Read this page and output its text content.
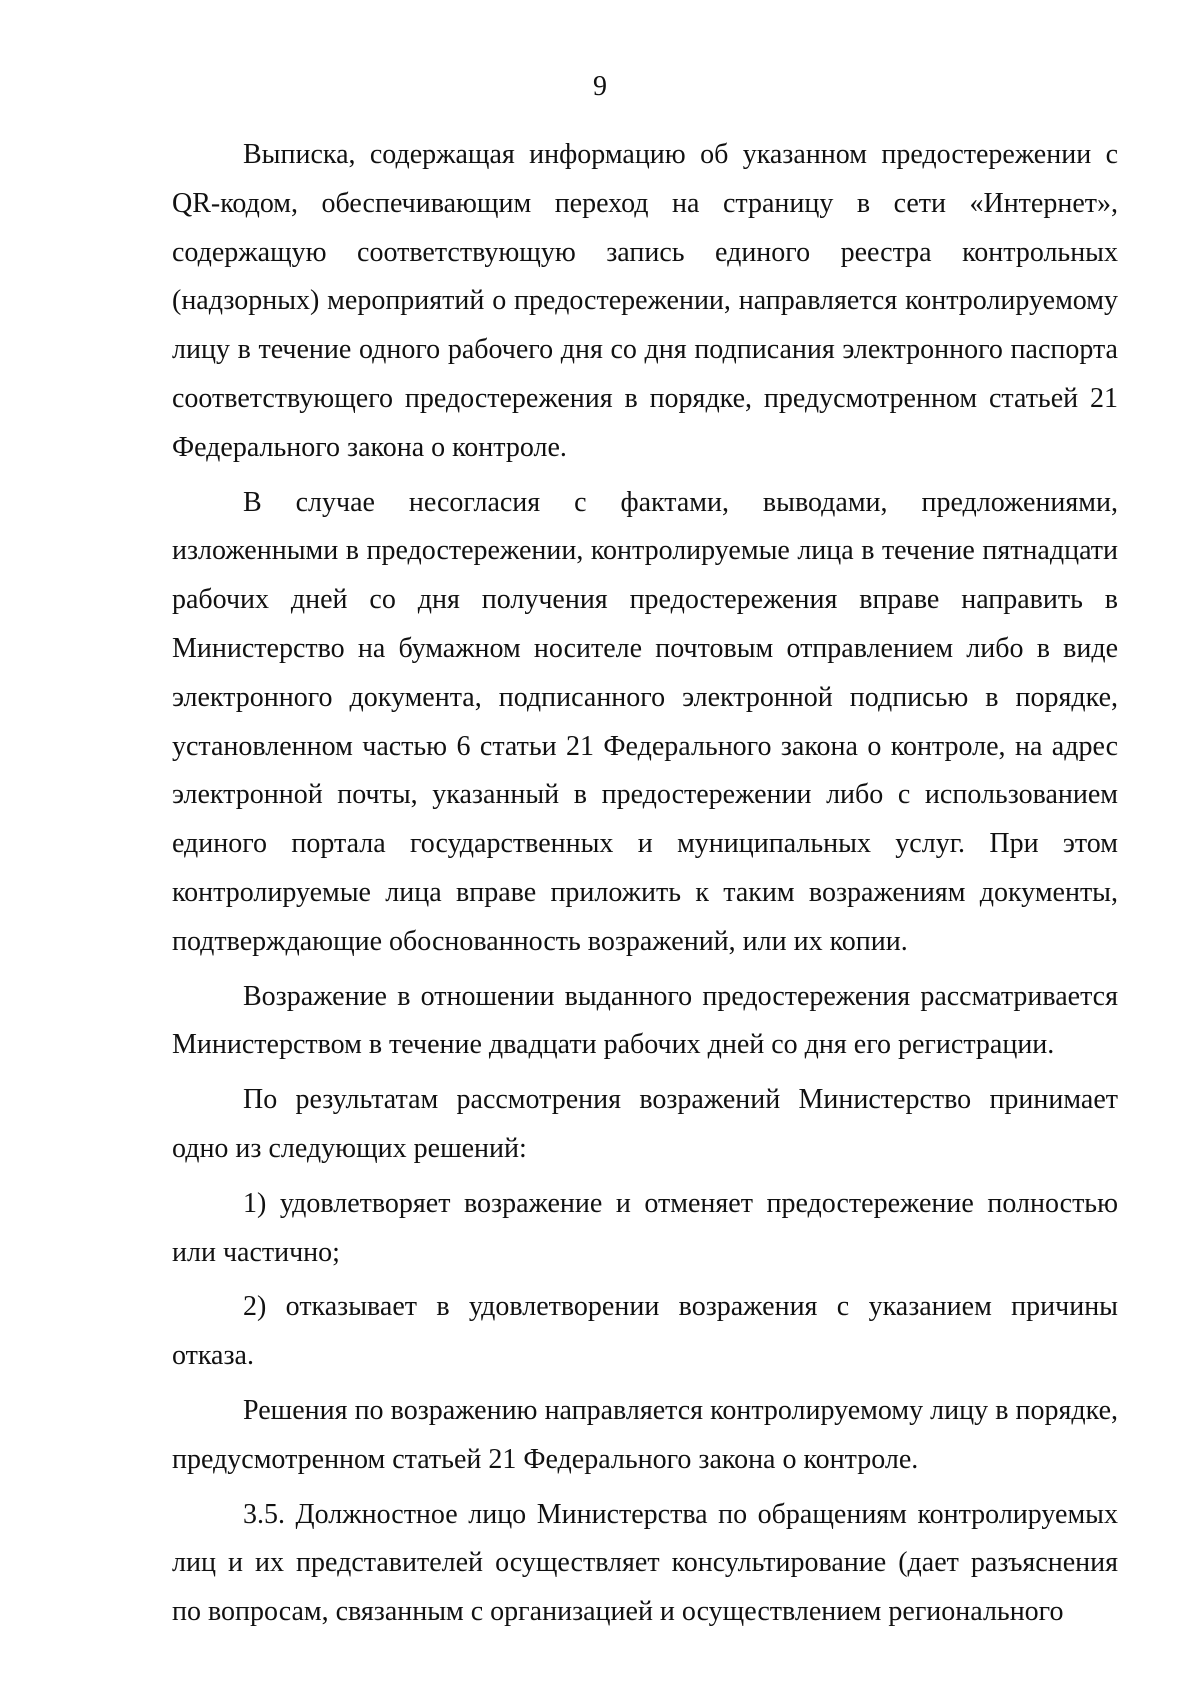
9

Выписка, содержащая информацию об указанном предостережении с QR-кодом, обеспечивающим переход на страницу в сети «Интернет», содержащую соответствующую запись единого реестра контрольных (надзорных) мероприятий о предостережении, направляется контролируемому лицу в течение одного рабочего дня со дня подписания электронного паспорта соответствующего предостережения в порядке, предусмотренном статьей 21 Федерального закона о контроле.

В случае несогласия с фактами, выводами, предложениями, изложенными в предостережении, контролируемые лица в течение пятнадцати рабочих дней со дня получения предостережения вправе направить в Министерство на бумажном носителе почтовым отправлением либо в виде электронного документа, подписанного электронной подписью в порядке, установленном частью 6 статьи 21 Федерального закона о контроле, на адрес электронной почты, указанный в предостережении либо с использованием единого портала государственных и муниципальных услуг. При этом контролируемые лица вправе приложить к таким возражениям документы, подтверждающие обоснованность возражений, или их копии.

Возражение в отношении выданного предостережения рассматривается Министерством в течение двадцати рабочих дней со дня его регистрации.

По результатам рассмотрения возражений Министерство принимает одно из следующих решений:

1) удовлетворяет возражение и отменяет предостережение полностью или частично;

2) отказывает в удовлетворении возражения с указанием причины отказа.

Решения по возражению направляется контролируемому лицу в порядке, предусмотренном статьей 21 Федерального закона о контроле.

3.5. Должностное лицо Министерства по обращениям контролируемых лиц и их представителей осуществляет консультирование (дает разъяснения по вопросам, связанным с организацией и осуществлением регионального
